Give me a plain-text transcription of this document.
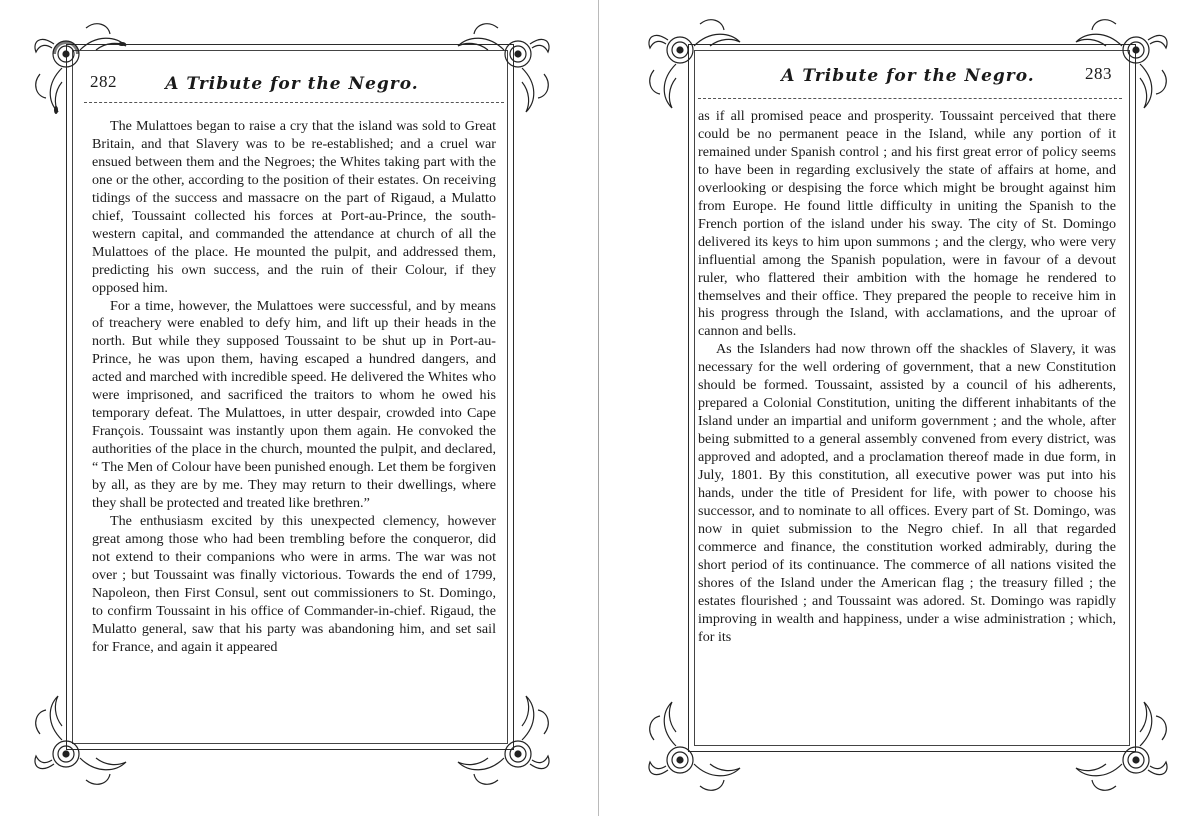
282	A Tribute for the Negro.

The Mulattoes began to raise a cry that the island was sold to Great Britain, and that Slavery was to be re-established; and a cruel war ensued between them and the Negroes; the Whites taking part with the one or the other, according to the position of their estates. On receiving tidings of the success and massacre on the part of Rigaud, a Mulatto chief, Toussaint collected his forces at Port-au-Prince, the south-western capital, and commanded the attendance at church of all the Mulattoes of the place. He mounted the pulpit, and addressed them, predicting his own success, and the ruin of their Colour, if they opposed him.

For a time, however, the Mulattoes were successful, and by means of treachery were enabled to defy him, and lift up their heads in the north. But while they supposed Toussaint to be shut up in Port-au-Prince, he was upon them, having escaped a hundred dangers, and acted and marched with incredible speed. He delivered the Whites who were imprisoned, and sacrificed the traitors to whom he owed his temporary defeat. The Mulattoes, in utter despair, crowded into Cape François. Toussaint was instantly upon them again. He convoked the authorities of the place in the church, mounted the pulpit, and declared, “ The Men of Colour have been punished enough. Let them be forgiven by all, as they are by me. They may return to their dwellings, where they shall be protected and treated like brethren.”

The enthusiasm excited by this unexpected clemency, however great among those who had been trembling before the conqueror, did not extend to their companions who were in arms. The war was not over ; but Toussaint was finally victorious. Towards the end of 1799, Napoleon, then First Consul, sent out commissioners to St. Domingo, to confirm Toussaint in his office of Commander-in-chief. Rigaud, the Mulatto general, saw that his party was abandoning him, and set sail for France, and again it appeared

A Tribute for the Negro.	283

as if all promised peace and prosperity. Toussaint perceived that there could be no permanent peace in the Island, while any portion of it remained under Spanish control ; and his first great error of policy seems to have been in regarding exclusively the state of affairs at home, and overlooking or despising the force which might be brought against him from Europe. He found little difficulty in uniting the Spanish to the French portion of the island under his sway. The city of St. Domingo delivered its keys to him upon summons ; and the clergy, who were very influential among the Spanish population, were in favour of a devout ruler, who flattered their ambition with the homage he rendered to themselves and their office. They prepared the people to receive him in his progress through the Island, with acclamations, and the uproar of cannon and bells.

As the Islanders had now thrown off the shackles of Slavery, it was necessary for the well ordering of government, that a new Constitution should be formed. Toussaint, assisted by a council of his adherents, prepared a Colonial Constitution, uniting the different inhabitants of the Island under an impartial and uniform government ; and the whole, after being submitted to a general assembly convened from every district, was approved and adopted, and a proclamation thereof made in due form, in July, 1801. By this constitution, all executive power was put into his hands, under the title of President for life, with power to choose his successor, and to nominate to all offices. Every part of St. Domingo, was now in quiet submission to the Negro chief. In all that regarded commerce and finance, the constitution worked admirably, during the short period of its continuance. The commerce of all nations visited the shores of the Island under the American flag ; the treasury filled ; the estates flourished ; and Toussaint was adored. St. Domingo was rapidly improving in wealth and happiness, under a wise administration ; which, for its
